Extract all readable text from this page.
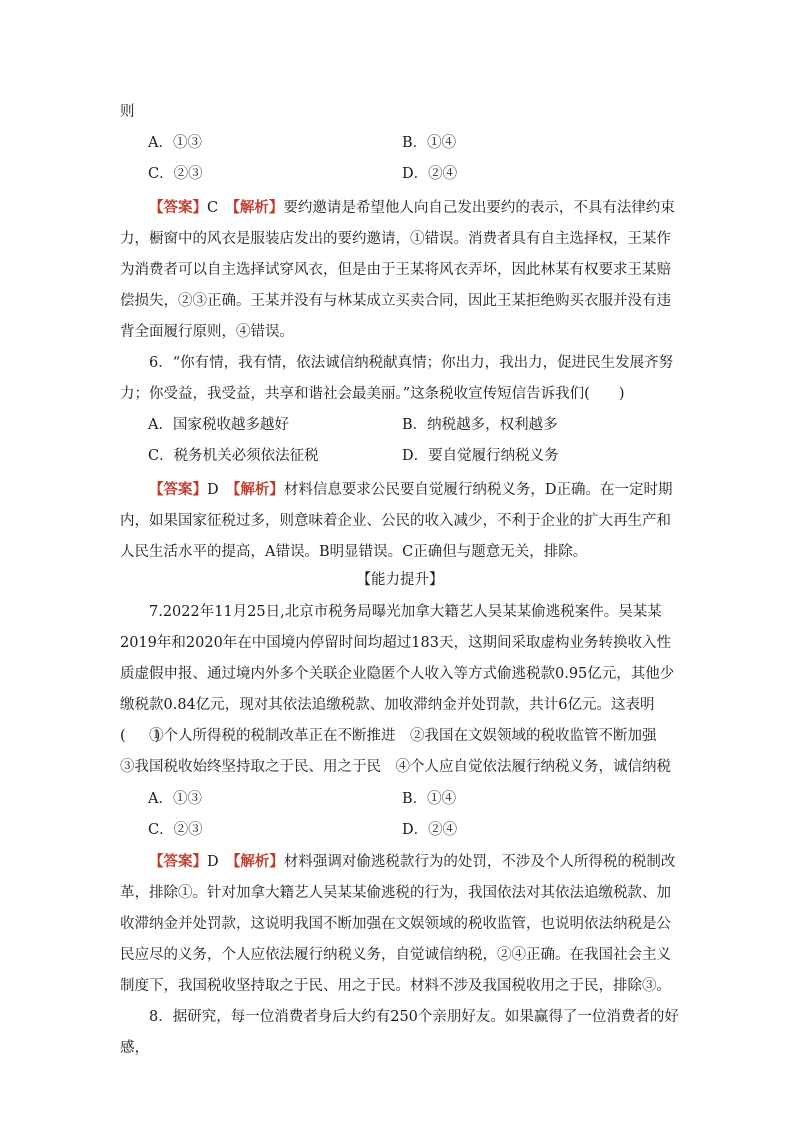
则

A．①③	B．①④

C．②③	D．②④

【答案】C　 【解析】要约邀请是希望他人向自己发出要约的表示，不具有法律约束力，橱窗中的风衣是服装店发出的要约邀请，①错误。消费者具有自主选择权，王某作为消费者可以自主选择试穿风衣，但是由于王某将风衣弄坏，因此林某有权要求王某赔偿损失，②③正确。王某并没有与林某成立买卖合同，因此王某拒绝购买衣服并没有违背全面履行原则，④错误。

6．“你有情，我有情，依法诚信纳税献真情；你出力，我出力，促进民生发展齐努力；你受益，我受益，共享和谐社会最美丽。”这条税收宣传短信告诉我们(　　)

A．国家税收越多越好	B．纳税越多，权利越多

C．税务机关必须依法征税	D．要自觉履行纳税义务

【答案】D　 【解析】材料信息要求公民要自觉履行纳税义务，D正确。在一定时期内，如果国家征税过多，则意味着企业、公民的收入减少，不利于企业的扩大再生产和人民生活水平的提高，A错误。B明显错误。C正确但与题意无关，排除。

【能力提升】

7.2022年11月25日,北京市税务局曝光加拿大籍艺人吴某某偷逃税案件。吴某某2019年和2020年在中国境内停留时间均超过183天，这期间采取虚构业务转换收入性质虚假申报、通过境内外多个关联企业隐匿个人收入等方式偷逃税款0.95亿元，其他少缴税款0.84亿元，现对其依法追缴税款、加收滞纳金并处罚款，共计6亿元。这表明(　　)

①个人所得税的税制改革正在不断推进　②我国在文娱领域的税收监管不断加强　③我国税收始终坚持取之于民、用之于民　④个人应自觉依法履行纳税义务，诚信纳税

A．①③	B．①④

C．②③	D．②④

【答案】D　 【解析】材料强调对偷逃税款行为的处罚，不涉及个人所得税的税制改革，排除①。针对加拿大籍艺人吴某某偷逃税的行为，我国依法对其依法追缴税款、加收滞纳金并处罚款，这说明我国不断加强在文娱领域的税收监管，也说明依法纳税是公民应尽的义务，个人应依法履行纳税义务，自觉诚信纳税，②④正确。在我国社会主义制度下，我国税收坚持取之于民、用之于民。材料不涉及我国税收用之于民，排除③。

8．据研究，每一位消费者身后大约有250个亲朋好友。如果赢得了一位消费者的好感，
